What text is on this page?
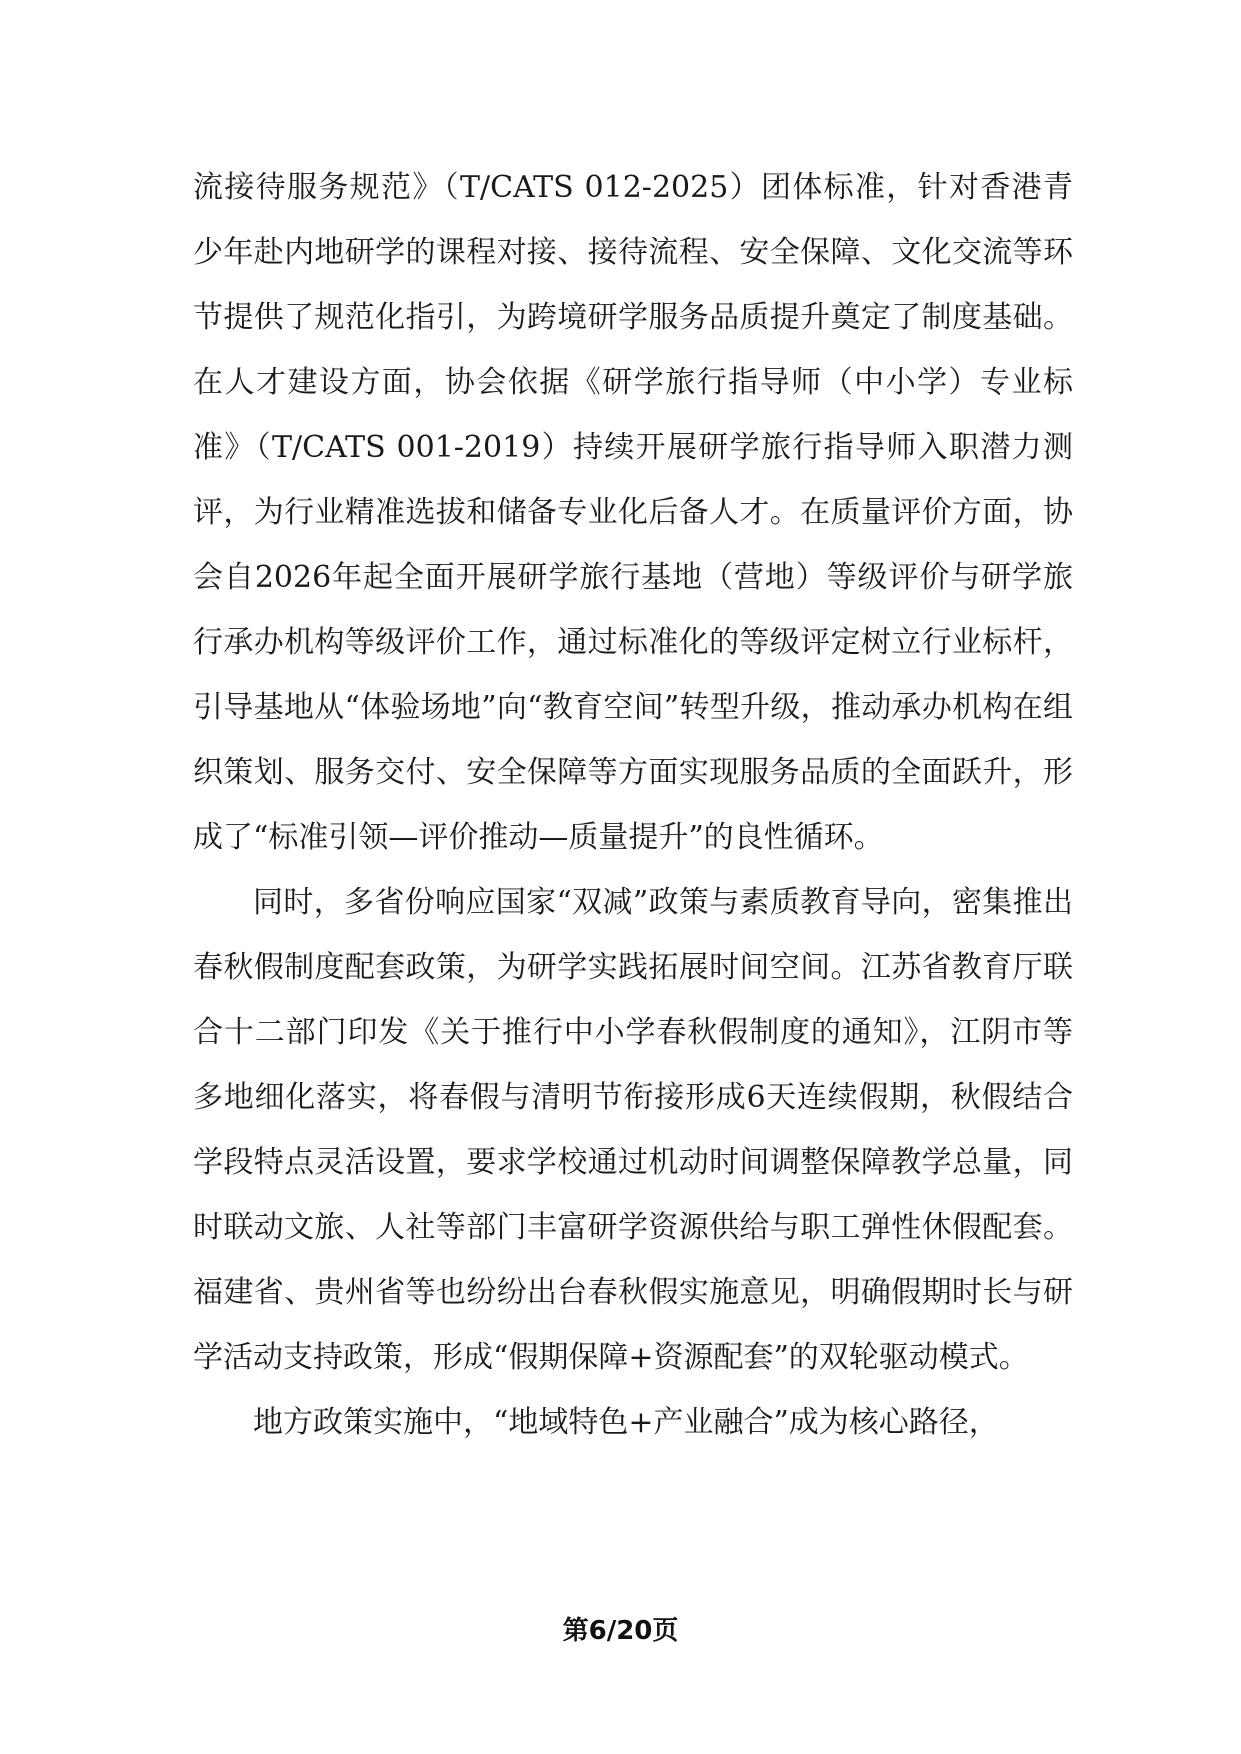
流接待服务规范》（T/CATS 012-2025）团体标准，针对香港青少年赴内地研学的课程对接、接待流程、安全保障、文化交流等环节提供了规范化指引，为跨境研学服务品质提升奠定了制度基础。在人才建设方面，协会依据《研学旅行指导师（中小学）专业标准》（T/CATS 001-2019）持续开展研学旅行指导师入职潜力测评，为行业精准选拔和储备专业化后备人才。在质量评价方面，协会自2026年起全面开展研学旅行基地（营地）等级评价与研学旅行承办机构等级评价工作，通过标准化的等级评定树立行业标杆，引导基地从“体验场地”向“教育空间”转型升级，推动承办机构在组织策划、服务交付、安全保障等方面实现服务品质的全面跃升，形成了“标准引领—评价推动—质量提升”的良性循环。

同时，多省份响应国家“双减”政策与素质教育导向，密集推出春秋假制度配套政策，为研学实践拓展时间空间。江苏省教育厅联合十二部门印发《关于推行中小学春秋假制度的通知》，江阴市等多地细化落实，将春假与清明节衔接形成6天连续假期，秋假结合学段特点灵活设置，要求学校通过机动时间调整保障教学总量，同时联动文旅、人社等部门丰富研学资源供给与职工弹性休假配套。福建省、贵州省等也纷纷出台春秋假实施意见，明确假期时长与研学活动支持政策，形成“假期保障+资源配套”的双轮驱动模式。

地方政策实施中，“地域特色+产业融合”成为核心路径，

第6/20页
